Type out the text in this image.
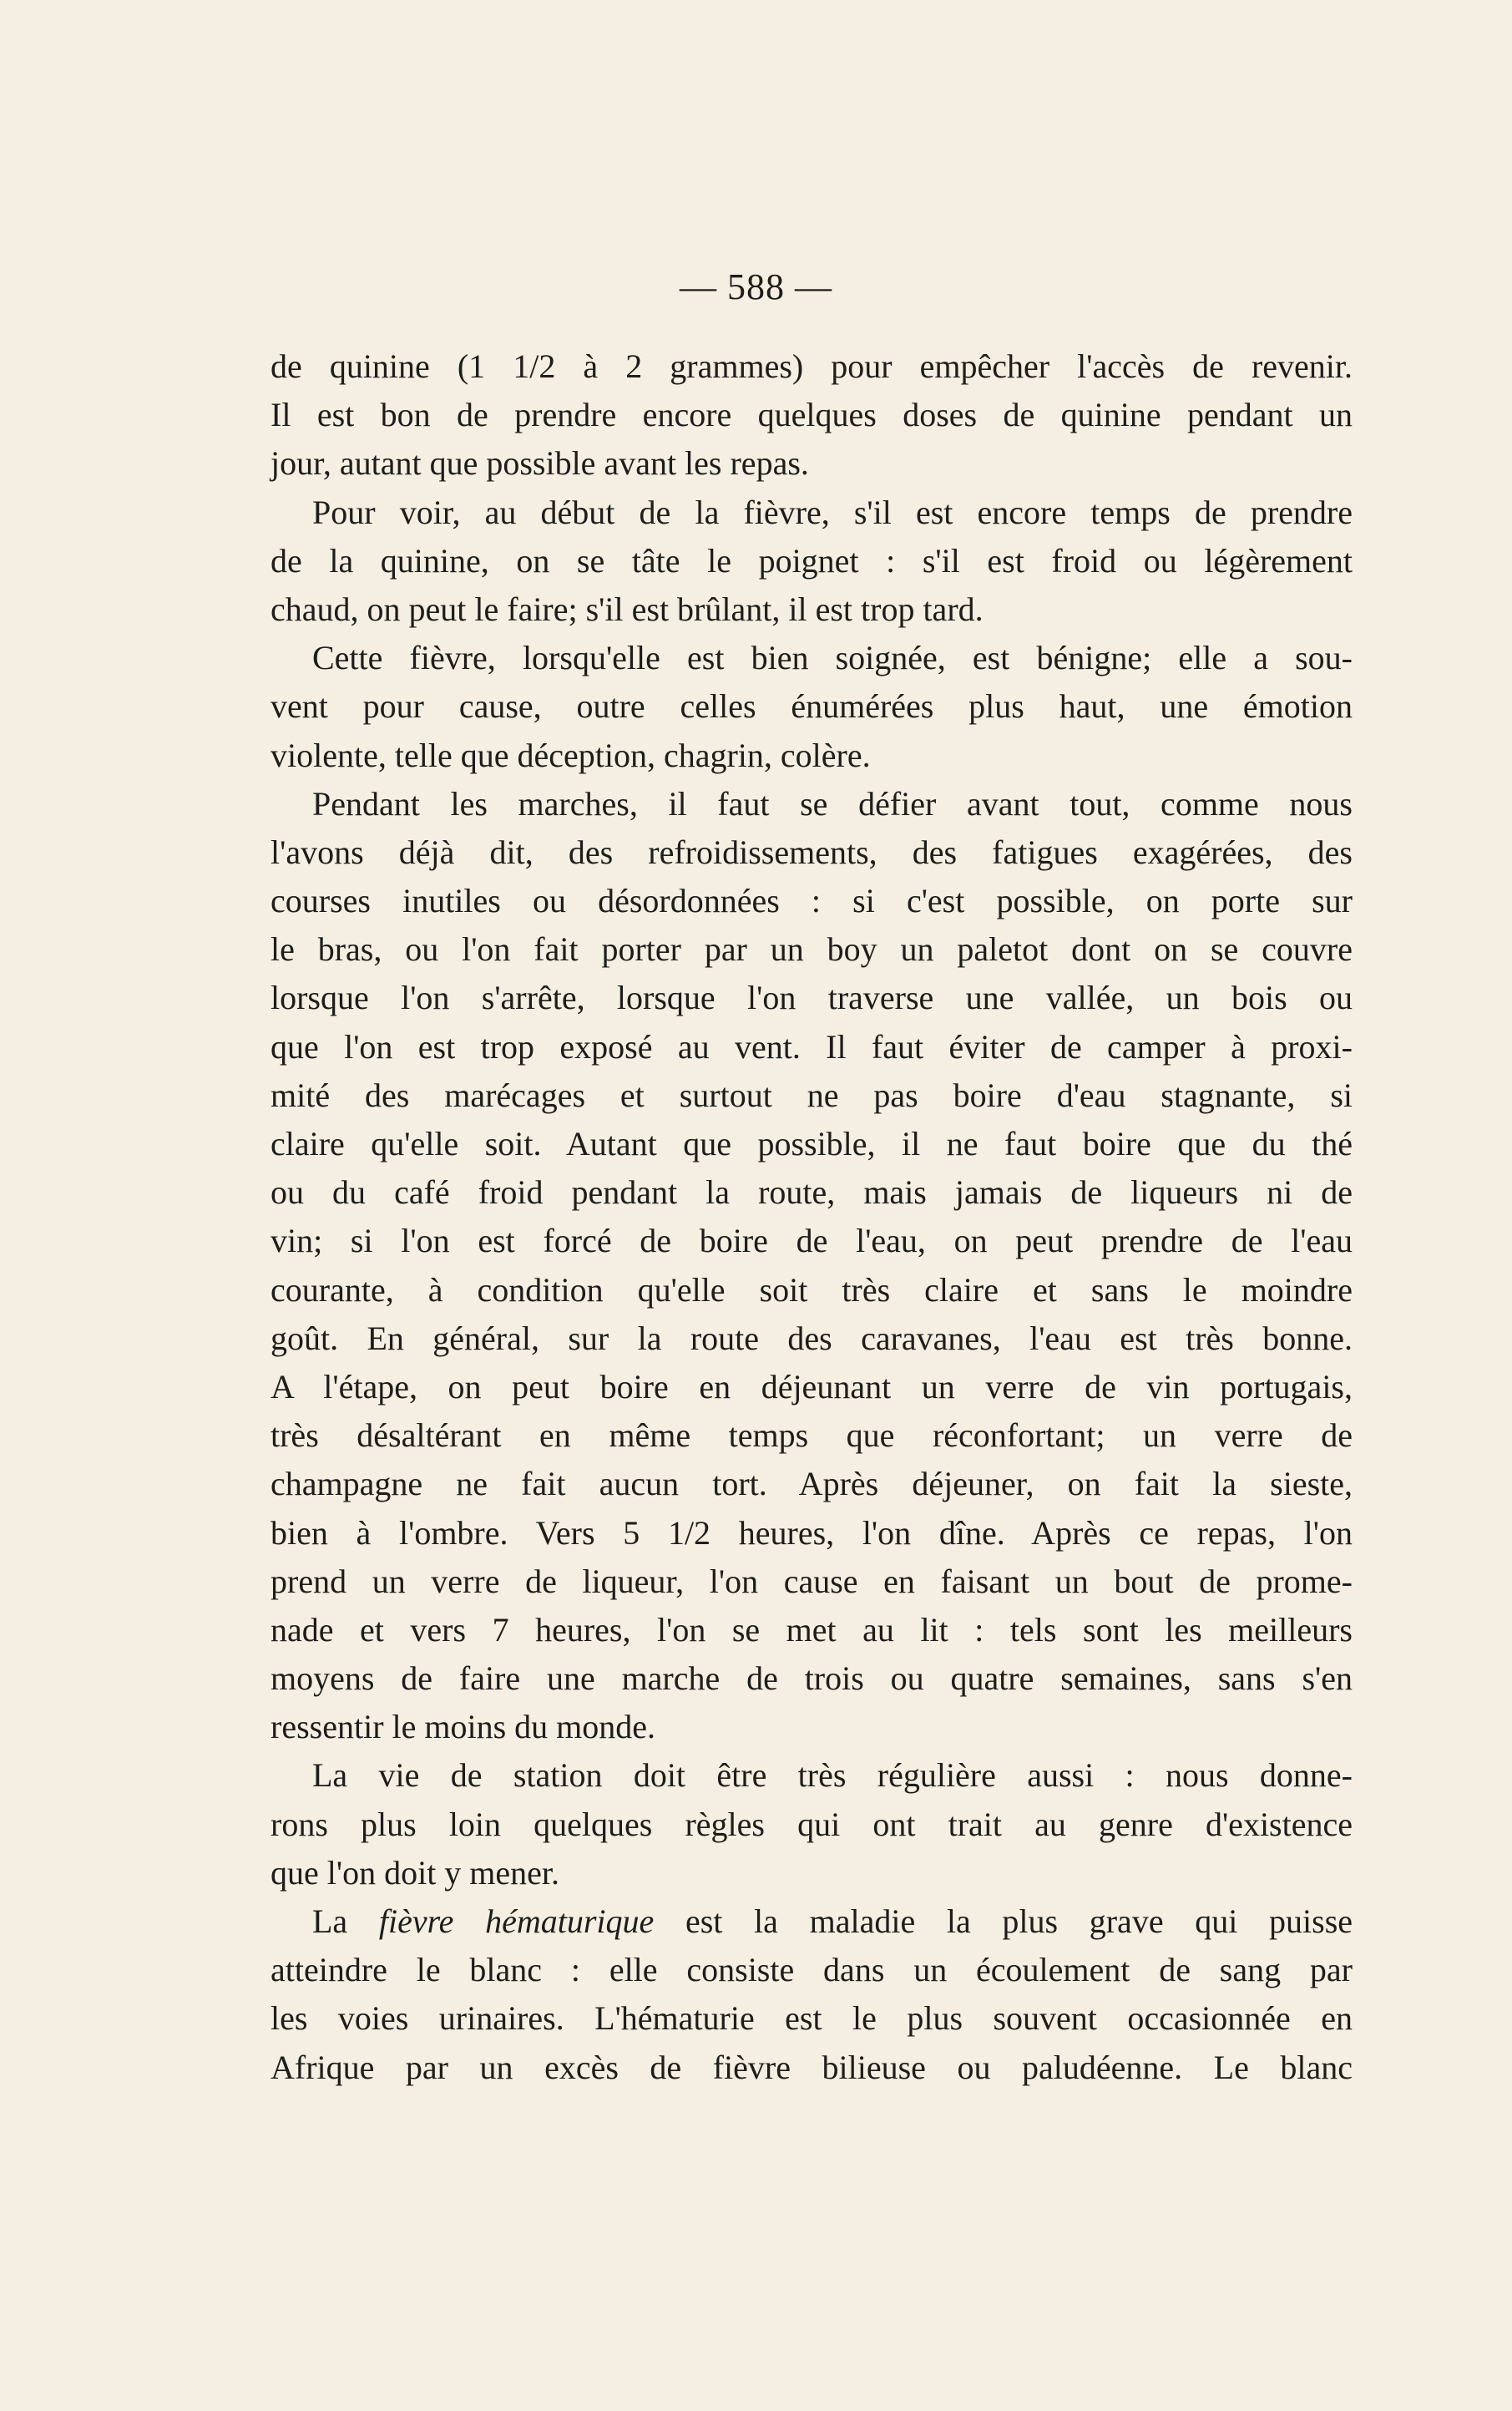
— 588 —
de quinine (1 1/2 à 2 grammes) pour empêcher l'accès de revenir.
Il est bon de prendre encore quelques doses de quinine pendant un
jour, autant que possible avant les repas.
Pour voir, au début de la fièvre, s'il est encore temps de prendre
de la quinine, on se tâte le poignet : s'il est froid ou légèrement
chaud, on peut le faire; s'il est brûlant, il est trop tard.
Cette fièvre, lorsqu'elle est bien soignée, est bénigne; elle a sou-
vent pour cause, outre celles énumérées plus haut, une émotion
violente, telle que déception, chagrin, colère.
Pendant les marches, il faut se défier avant tout, comme nous
l'avons déjà dit, des refroidissements, des fatigues exagérées, des
courses inutiles ou désordonnées : si c'est possible, on porte sur
le bras, ou l'on fait porter par un boy un paletot dont on se couvre
lorsque l'on s'arrête, lorsque l'on traverse une vallée, un bois ou
que l'on est trop exposé au vent. Il faut éviter de camper à proxi-
mité des marécages et surtout ne pas boire d'eau stagnante, si
claire qu'elle soit. Autant que possible, il ne faut boire que du thé
ou du café froid pendant la route, mais jamais de liqueurs ni de
vin; si l'on est forcé de boire de l'eau, on peut prendre de l'eau
courante, à condition qu'elle soit très claire et sans le moindre
goût. En général, sur la route des caravanes, l'eau est très bonne.
A l'étape, on peut boire en déjeunant un verre de vin portugais,
très désaltérant en même temps que réconfortant; un verre de
champagne ne fait aucun tort. Après déjeuner, on fait la sieste,
bien à l'ombre. Vers 5 1/2 heures, l'on dîne. Après ce repas, l'on
prend un verre de liqueur, l'on cause en faisant un bout de prome-
nade et vers 7 heures, l'on se met au lit : tels sont les meilleurs
moyens de faire une marche de trois ou quatre semaines, sans s'en
ressentir le moins du monde.
La vie de station doit être très régulière aussi : nous donne-
rons plus loin quelques règles qui ont trait au genre d'existence
que l'on doit y mener.
La fièvre hématurique est la maladie la plus grave qui puisse
atteindre le blanc : elle consiste dans un écoulement de sang par
les voies urinaires. L'hématurie est le plus souvent occasionnée en
Afrique par un excès de fièvre bilieuse ou paludéenne. Le blanc
